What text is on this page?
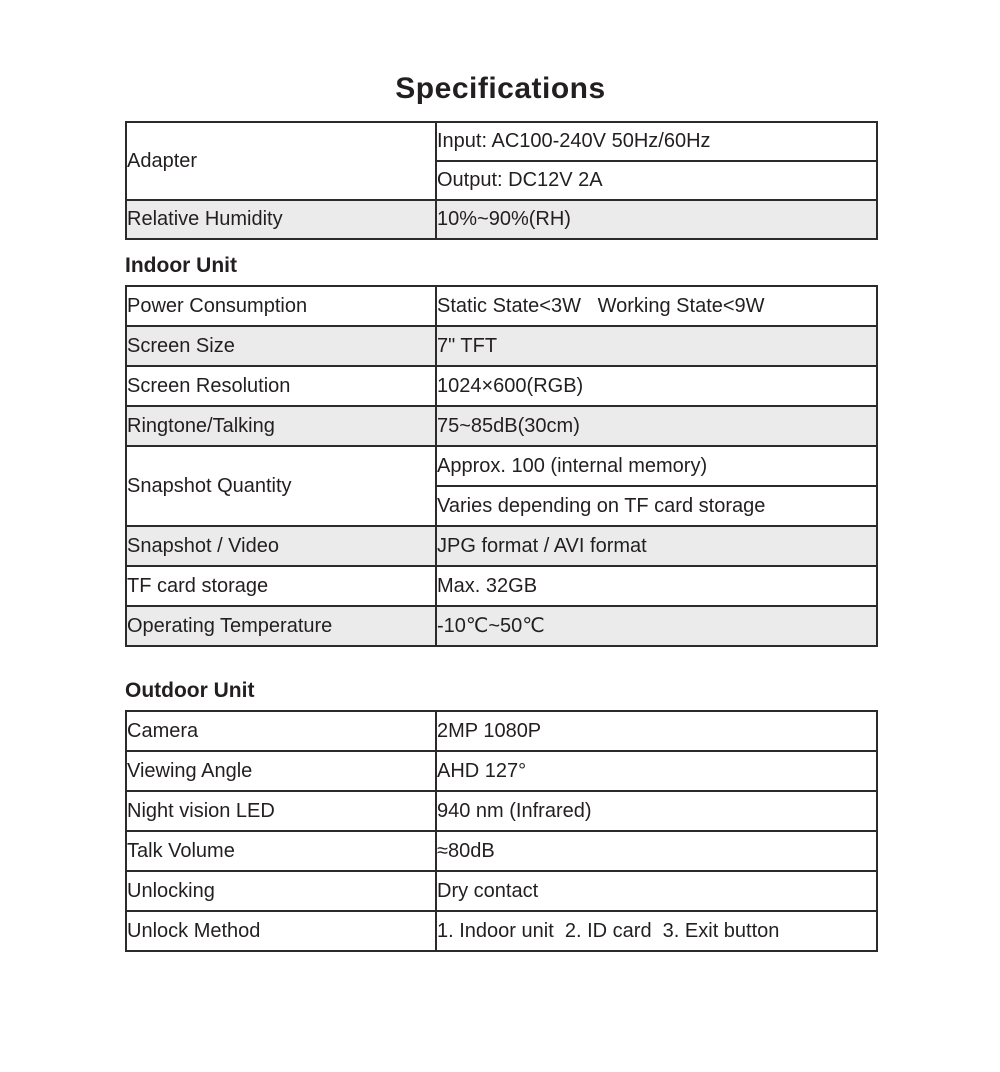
Specifications
Adapter	Input: AC100-240V 50Hz/60Hz
	Output: DC12V 2A
Relative Humidity	10%~90%(RH)
Indoor Unit
Power Consumption	Static State<3W   Working State<9W
Screen Size	7" TFT
Screen Resolution	1024×600(RGB)
Ringtone/Talking	75~85dB(30cm)
Snapshot Quantity	Approx. 100 (internal memory)
	Varies depending on TF card storage
Snapshot / Video	JPG format / AVI format
TF card storage	Max. 32GB
Operating Temperature	-10℃~50℃
Outdoor Unit
Camera	2MP 1080P
Viewing Angle	AHD 127°
Night vision LED	940 nm (Infrared)
Talk Volume	≈80dB
Unlocking	Dry contact
Unlock Method	1. Indoor unit  2. ID card  3. Exit button
